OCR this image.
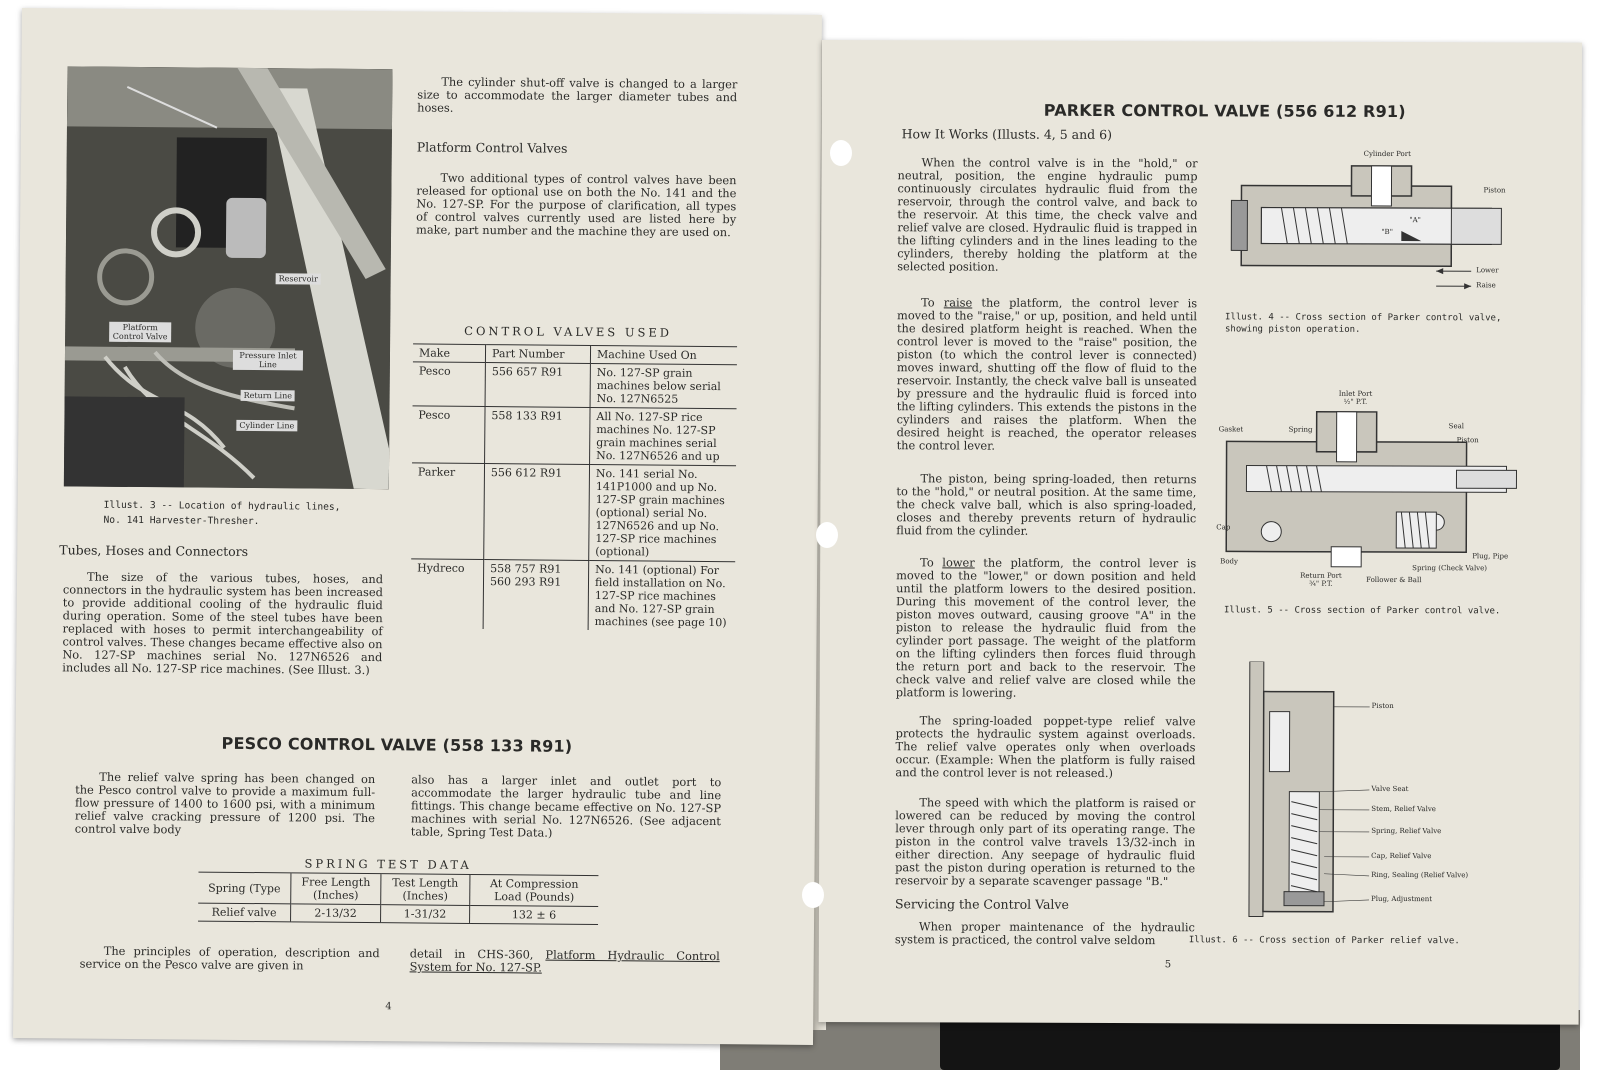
Reservoir
Platform Control Valve
Pressure Inlet Line
Return Line
Cylinder Line
Illust. 3 -- Location of hydraulic lines,
No. 141 Harvester-Thresher.
The cylinder shut-off valve is changed to a larger size to accommodate the larger diameter tubes and hoses.
Platform Control Valves
Two additional types of control valves have been released for optional use on both the No. 141 and the No. 127-SP. For the purpose of clarification, all types of control valves currently used are listed here by make, part number and the machine they are used on.
CONTROL VALVES USED
Make	Part Number	Machine Used On
Pesco	556 657 R91	No. 127-SP grain machines below serial No. 127N6525
Pesco	558 133 R91	All No. 127-SP rice machines No. 127-SP grain machines serial No. 127N6526 and up
Parker	556 612 R91	No. 141 serial No. 141P1000 and up No. 127-SP grain machines (optional) serial No. 127N6526 and up No. 127-SP rice machines (optional)
Hydreco	558 757 R91 560 293 R91	No. 141 (optional) For field installation on No. 127-SP rice machines and No. 127-SP grain machines (see page 10)
Tubes, Hoses and Connectors
The size of the various tubes, hoses, and connectors in the hydraulic system has been increased to provide additional cooling of the hydraulic fluid during operation. Some of the steel tubes have been replaced with hoses to permit interchangeability of control valves. These changes became effective also on No. 127-SP machines serial No. 127N6526 and includes all No. 127-SP rice machines. (See Illust. 3.)
PESCO CONTROL VALVE (558 133 R91)
The relief valve spring has been changed on the Pesco control valve to provide a maximum full-flow pressure of 1400 to 1600 psi, with a minimum relief valve cracking pressure of 1200 psi. The control valve body
also has a larger inlet and outlet port to accommodate the larger hydraulic tube and line fittings. This change became effective on No. 127-SP machines with serial No. 127N6526. (See adjacent table, Spring Test Data.)
SPRING TEST DATA
Spring (Type	Free Length (Inches)	Test Length (Inches)	At Compression Load (Pounds)
Relief valve	2-13/32	1-31/32	132 ± 6
The principles of operation, description and service on the Pesco valve are given in
detail in CHS-360, Platform Hydraulic Control System for No. 127-SP.
4
PARKER CONTROL VALVE (556 612 R91)
How It Works (Illusts. 4, 5 and 6)
When the control valve is in the "hold," or neutral, position, the engine hydraulic pump continuously circulates hydraulic fluid from the reservoir, through the control valve, and back to the reservoir. At this time, the check valve and relief valve are closed. Hydraulic fluid is trapped in the lifting cylinders and in the lines leading to the cylinders, thereby holding the platform at the selected position.
To raise the platform, the control lever is moved to the "raise," or up, position, and held until the desired platform height is reached. When the control lever is moved to the "raise" position, the piston (to which the control lever is connected) moves inward, shutting off the flow of fluid to the reservoir. Instantly, the check valve ball is unseated by pressure and the hydraulic fluid is forced into the lifting cylinders. This extends the pistons in the cylinders and raises the platform. When the desired height is reached, the operator releases the control lever.
The piston, being spring-loaded, then returns to the "hold," or neutral position. At the same time, the check valve ball, which is also spring-loaded, closes and thereby prevents return of hydraulic fluid from the cylinder.
To lower the platform, the control lever is moved to the "lower," or down position and held until the platform lowers to the desired position. During this movement of the control lever, the piston moves outward, causing groove "A" in the piston to release the hydraulic fluid from the cylinder port passage. The weight of the platform on the lifting cylinders then forces fluid through the return port and back to the reservoir. The check valve and relief valve are closed while the platform is lowering.
The spring-loaded poppet-type relief valve protects the hydraulic system against overloads. The relief valve operates only when overloads occur. (Example: When the platform is fully raised and the control lever is not released.)
The speed with which the platform is raised or lowered can be reduced by moving the control lever through only part of its operating range. The piston in the control valve travels 13/32-inch in either direction. Any seepage of hydraulic fluid past the piston during operation is returned to the reservoir by a separate scavenger passage "B."
Servicing the Control Valve
When proper maintenance of the hydraulic system is practiced, the control valve seldom
Cylinder Port
Piston
Lower
Raise
"A"
"B"
Illust. 4 -- Cross section of Parker control valve,
showing piston operation.
Inlet Port
½" P.T.
Gasket	Spring	Seal
Piston
Cap
Body
Return Port
¾" P.T.	Follower & Ball
Spring (Check Valve)
Plug, Pipe
Illust. 5 -- Cross section of Parker control valve.
Piston
Valve Seat
Stem, Relief Valve
Spring, Relief Valve
Cap, Relief Valve
Ring, Sealing (Relief Valve)
Plug, Adjustment
Illust. 6 -- Cross section of Parker relief valve.
5
